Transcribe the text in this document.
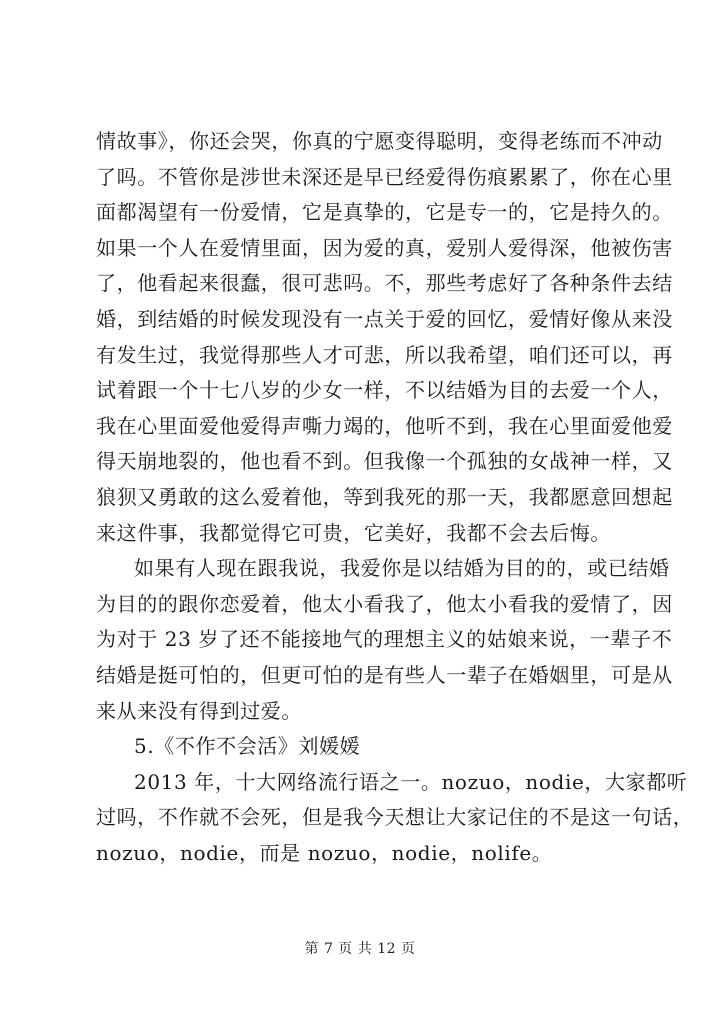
情故事》，你还会哭，你真的宁愿变得聪明，变得老练而不冲动
了吗。不管你是涉世未深还是早已经爱得伤痕累累了，你在心里
面都渴望有一份爱情，它是真挚的，它是专一的，它是持久的。
如果一个人在爱情里面，因为爱的真，爱别人爱得深，他被伤害
了，他看起来很蠢，很可悲吗。不，那些考虑好了各种条件去结
婚，到结婚的时候发现没有一点关于爱的回忆，爱情好像从来没
有发生过，我觉得那些人才可悲，所以我希望，咱们还可以，再
试着跟一个十七八岁的少女一样，不以结婚为目的去爱一个人，
我在心里面爱他爱得声嘶力竭的，他听不到，我在心里面爱他爱
得天崩地裂的，他也看不到。但我像一个孤独的女战神一样，又
狼狈又勇敢的这么爱着他，等到我死的那一天，我都愿意回想起
来这件事，我都觉得它可贵，它美好，我都不会去后悔。
如果有人现在跟我说，我爱你是以结婚为目的的，或已结婚
为目的的跟你恋爱着，他太小看我了，他太小看我的爱情了，因
为对于 23 岁了还不能接地气的理想主义的姑娘来说，一辈子不
结婚是挺可怕的，但更可怕的是有些人一辈子在婚姻里，可是从
来从来没有得到过爱。
5.《不作不会活》刘媛媛
2013 年，十大网络流行语之一。nozuo，nodie，大家都听
过吗，不作就不会死，但是我今天想让大家记住的不是这一句话，
nozuo，nodie，而是 nozuo，nodie，nolife。
第 7 页 共 12 页
